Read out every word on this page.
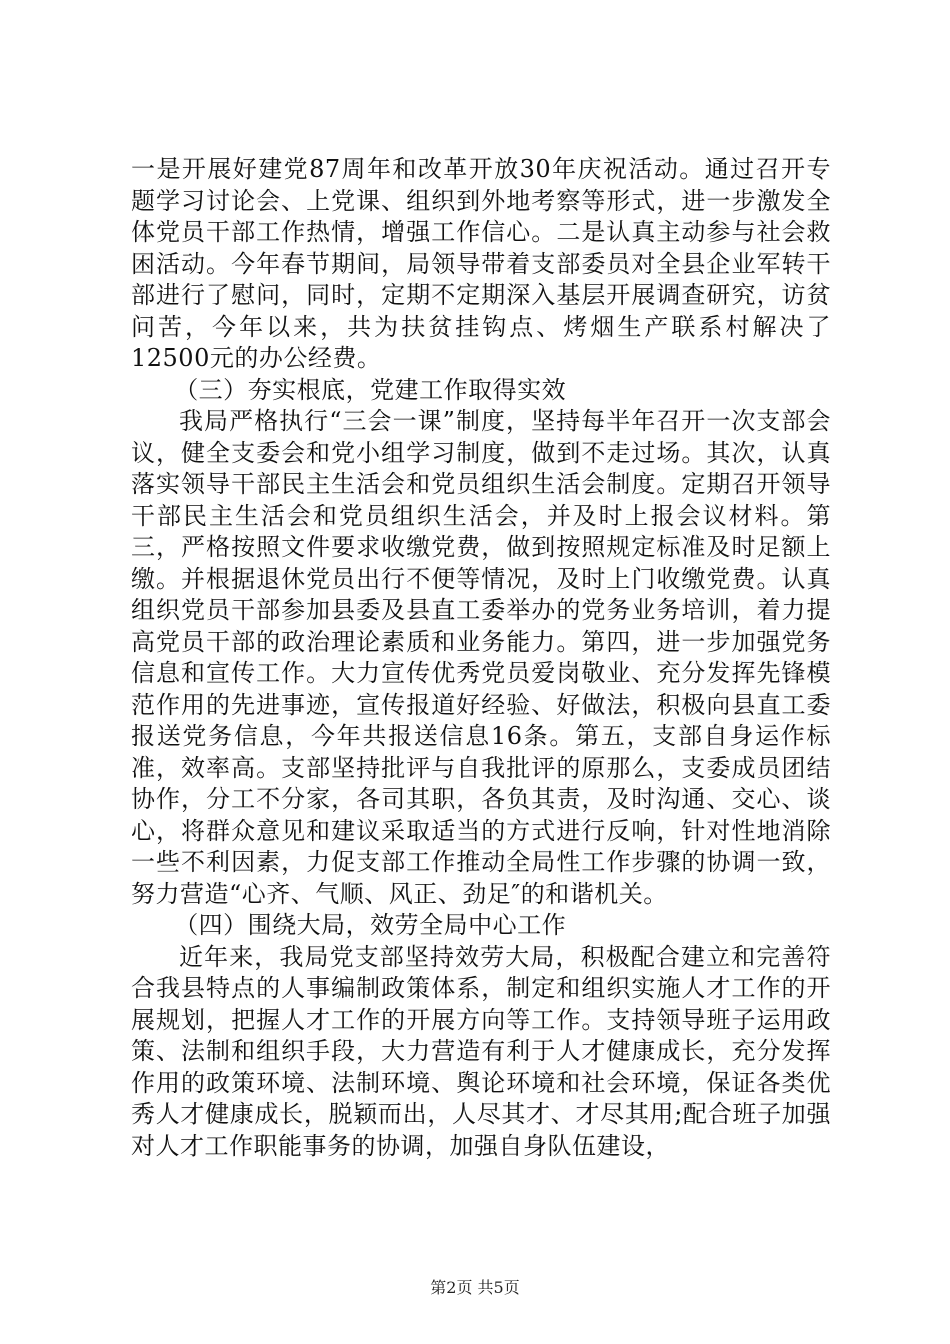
一是开展好建党87周年和改革开放30年庆祝活动。通过召开专题学习讨论会、上党课、组织到外地考察等形式，进一步激发全体党员干部工作热情，增强工作信心。二是认真主动参与社会救困活动。今年春节期间，局领导带着支部委员对全县企业军转干部进行了慰问，同时，定期不定期深入基层开展调查研究，访贫问苦，今年以来，共为扶贫挂钩点、烤烟生产联系村解决了12500元的办公经费。

（三）夯实根底，党建工作取得实效

我局严格执行“三会一课”制度，坚持每半年召开一次支部会议，健全支委会和党小组学习制度，做到不走过场。其次，认真落实领导干部民主生活会和党员组织生活会制度。定期召开领导干部民主生活会和党员组织生活会，并及时上报会议材料。第三，严格按照文件要求收缴党费，做到按照规定标准及时足额上缴。并根据退休党员出行不便等情况，及时上门收缴党费。认真组织党员干部参加县委及县直工委举办的党务业务培训，着力提高党员干部的政治理论素质和业务能力。第四，进一步加强党务信息和宣传工作。大力宣传优秀党员爱岗敬业、充分发挥先锋模范作用的先进事迹，宣传报道好经验、好做法，积极向县直工委报送党务信息，今年共报送信息16条。第五，支部自身运作标准，效率高。支部坚持批评与自我批评的原那么，支委成员团结协作，分工不分家，各司其职，各负其责，及时沟通、交心、谈心，将群众意见和建议采取适当的方式进行反响，针对性地消除一些不利因素，力促支部工作推动全局性工作步骤的协调一致，努力营造“心齐、气顺、风正、劲足″的和谐机关。

（四）围绕大局，效劳全局中心工作

近年来，我局党支部坚持效劳大局，积极配合建立和完善符合我县特点的人事编制政策体系，制定和组织实施人才工作的开展规划，把握人才工作的开展方向等工作。支持领导班子运用政策、法制和组织手段，大力营造有利于人才健康成长，充分发挥作用的政策环境、法制环境、舆论环境和社会环境，保证各类优秀人才健康成长，脱颖而出，人尽其才、才尽其用;配合班子加强对人才工作职能事务的协调，加强自身队伍建设，

第2页 共5页
